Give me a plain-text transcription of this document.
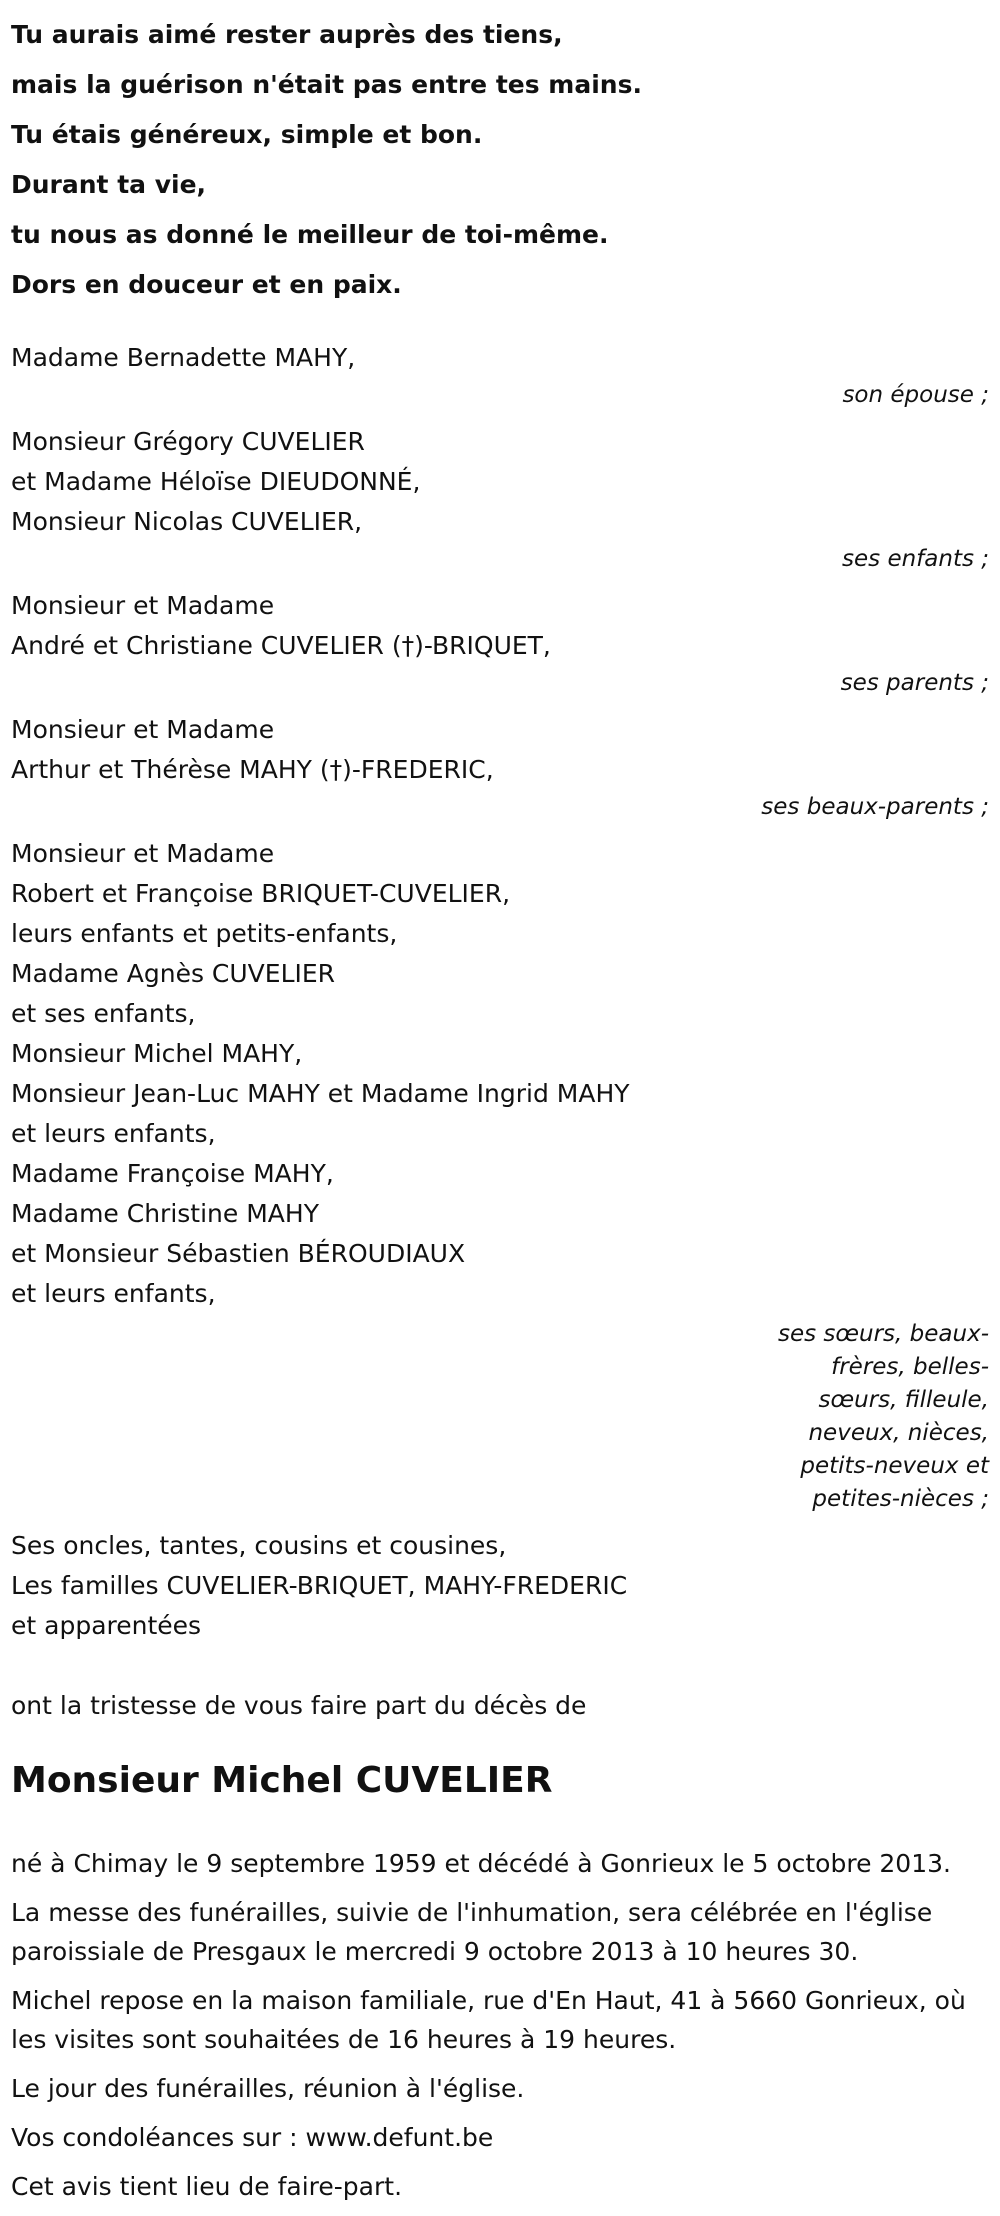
Tu aurais aimé rester auprès des tiens,

mais la guérison n'était pas entre tes mains.

Tu étais généreux, simple et bon.

Durant ta vie,

tu nous as donné le meilleur de toi-même.

Dors en douceur et en paix.

Madame Bernadette MAHY,
son épouse ;
Monsieur Grégory CUVELIER
et Madame Héloïse DIEUDONNÉ,
Monsieur Nicolas CUVELIER,
ses enfants ;
Monsieur et Madame
André et Christiane CUVELIER (†)-BRIQUET,
ses parents ;
Monsieur et Madame
Arthur et Thérèse MAHY (†)-FREDERIC,
ses beaux-parents ;
Monsieur et Madame
Robert et Françoise BRIQUET-CUVELIER,
leurs enfants et petits-enfants,
Madame Agnès CUVELIER
et ses enfants,
Monsieur Michel MAHY,
Monsieur Jean-Luc MAHY et Madame Ingrid MAHY
et leurs enfants,
Madame Françoise MAHY,
Madame Christine MAHY
et Monsieur Sébastien BÉROUDIAUX
et leurs enfants,
ses sœurs, beaux-frères, belles-sœurs, filleule, neveux, nièces, petits-neveux et petites-nièces ;
Ses oncles, tantes, cousins et cousines,
Les familles CUVELIER-BRIQUET, MAHY-FREDERIC
et apparentées
ont la tristesse de vous faire part du décès de
Monsieur Michel CUVELIER

né à Chimay le 9 septembre 1959 et décédé à Gonrieux le 5 octobre 2013.

La messe des funérailles, suivie de l'inhumation, sera célébrée en l'église paroissiale de Presgaux le mercredi 9 octobre 2013 à 10 heures 30.

Michel repose en la maison familiale, rue d'En Haut, 41 à 5660 Gonrieux, où les visites sont souhaitées de 16 heures à 19 heures.

Le jour des funérailles, réunion à l'église.

Vos condoléances sur : www.defunt.be

Cet avis tient lieu de faire-part.
